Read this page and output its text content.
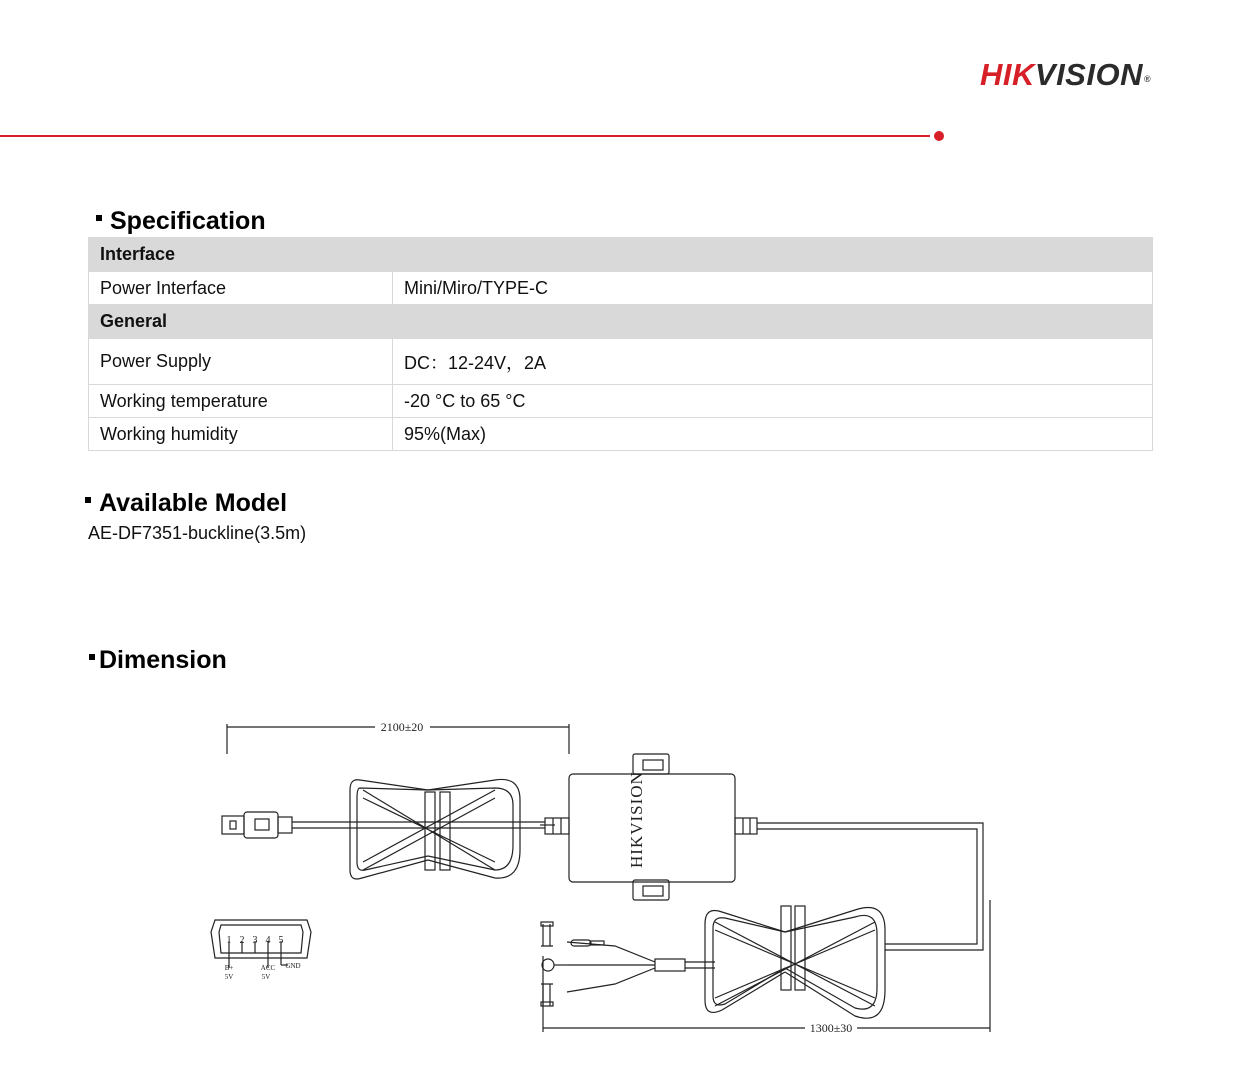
HIKVISION®
Specification
Interface	
Power Interface	Mini/Miro/TYPE-C
General	
Power Supply	DC：12-24V，2A
Working temperature	-20 °C to 65 °C
Working humidity	95%(Max)
Available Model
AE-DF7351-buckline(3.5m)
Dimension
2100±20
1300±30
HIKVISION
1 2 3 4 5
B+
5V
ACC
5V
GND
